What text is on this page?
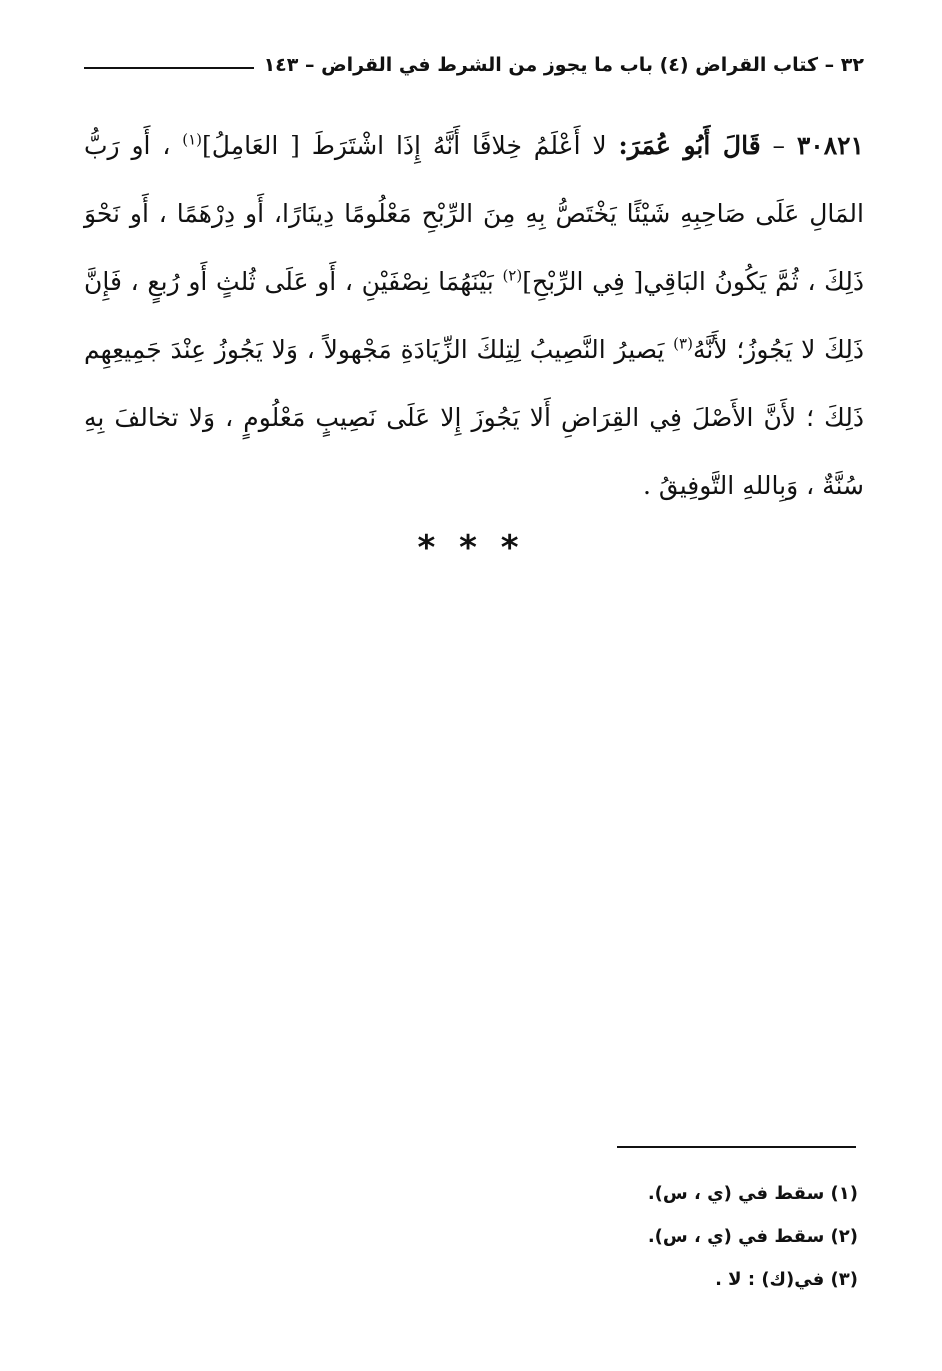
٣٢ – كتاب القراض (٤) باب ما يجوز من الشرط في القراض – ١٤٣
٣٠٨٢١ – قَالَ أَبُو عُمَرَ: لا أَعْلَمُ خِلافًا أَنَّهُ إِذَا اشْتَرَطَ [ العَامِلُ]$^{(١)}$ ، أَو رَبُّ المَالِ عَلَى صَاحِبِهِ شَيْئًا يَخْتَصُّ بِهِ مِنَ الرِّبْحِ مَعْلُومًا دِينَارًا، أَو دِرْهَمًا ، أَو نَحْوَ ذَلِكَ ، ثُمَّ يَكُونُ البَاقِي[ فِي الرِّبْحِ]$^{(٢)}$ بَيْنَهُمَا نِصْفَيْنِ ، أَو عَلَى ثُلثٍ أَو رُبعٍ ، فَإِنَّ ذَلِكَ لا يَجُوزُ؛ لأَنَّهُ$^{(٣)}$ يَصيرُ النَّصِيبُ لِتِلكَ الزِّيَادَةِ مَجْهولاً ، وَلا يَجُوزُ عِنْدَ جَمِيعِهِم ذَلِكَ ؛ لأَنَّ الأَصْلَ فِي القِرَاضِ أَلا يَجُوزَ إِلا عَلَى نَصِيبٍ مَعْلُومٍ ، وَلا تخالفَ بِهِ سُنَّةٌ ، وَبِاللهِ التَّوفِيقُ .
* * *
(١) سقط في (ي ، س).
(٢) سقط في (ي ، س).
(٣) في(ك) : لا .
